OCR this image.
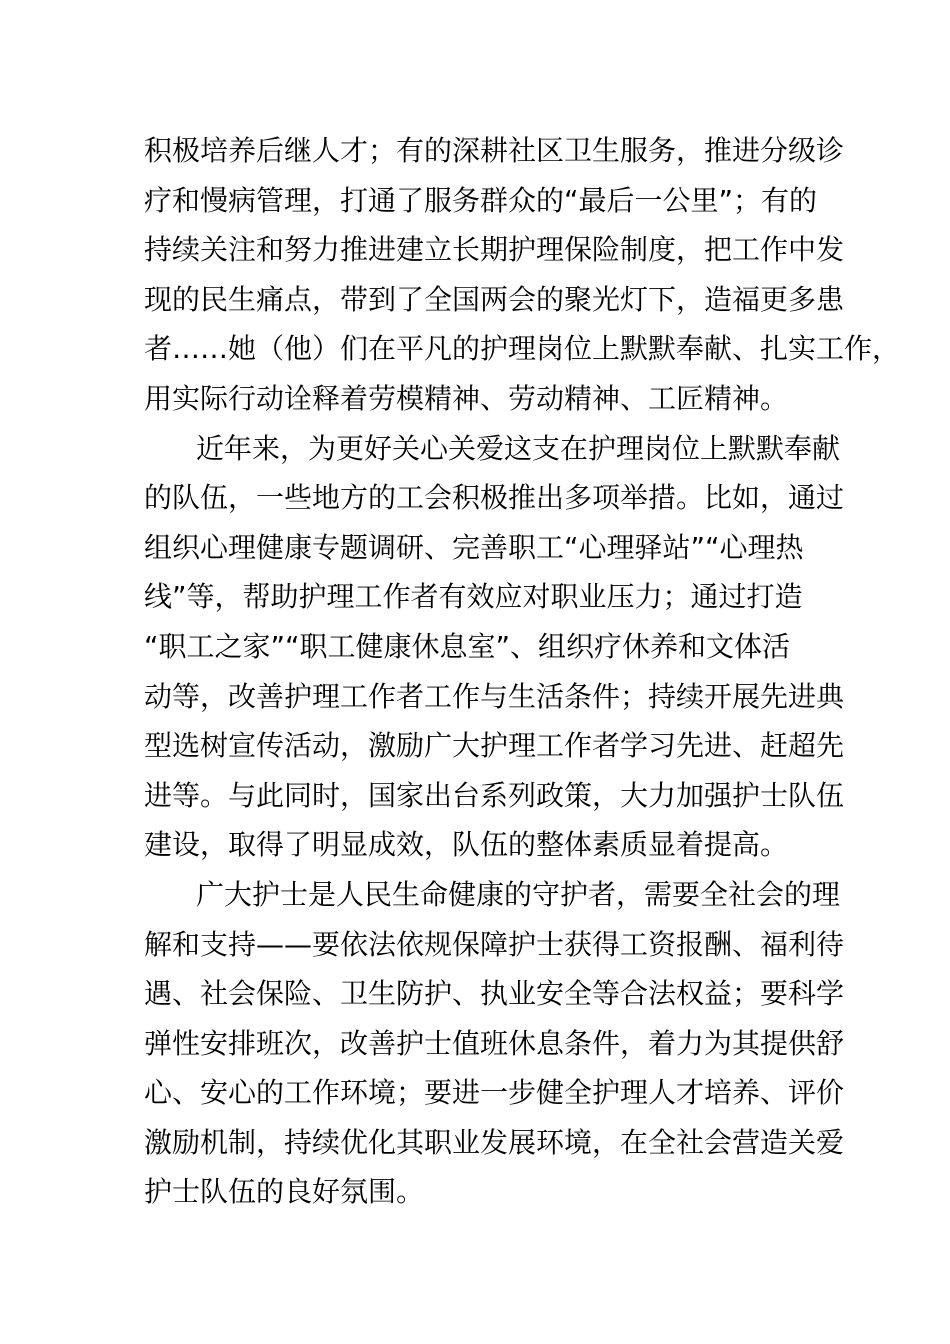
积极培养后继人才；有的深耕社区卫生服务，推进分级诊
疗和慢病管理，打通了服务群众的“最后一公里”；有的
持续关注和努力推进建立长期护理保险制度，把工作中发
现的民生痛点，带到了全国两会的聚光灯下，造福更多患
者……她（他）们在平凡的护理岗位上默默奉献、扎实工作，
用实际行动诠释着劳模精神、劳动精神、工匠精神。
近年来，为更好关心关爱这支在护理岗位上默默奉献
的队伍，一些地方的工会积极推出多项举措。比如，通过
组织心理健康专题调研、完善职工“心理驿站”“心理热
线”等，帮助护理工作者有效应对职业压力；通过打造
“职工之家”“职工健康休息室”、组织疗休养和文体活
动等，改善护理工作者工作与生活条件；持续开展先进典
型选树宣传活动，激励广大护理工作者学习先进、赶超先
进等。与此同时，国家出台系列政策，大力加强护士队伍
建设，取得了明显成效，队伍的整体素质显着提高。
广大护士是人民生命健康的守护者，需要全社会的理
解和支持——要依法依规保障护士获得工资报酬、福利待
遇、社会保险、卫生防护、执业安全等合法权益；要科学
弹性安排班次，改善护士值班休息条件，着力为其提供舒
心、安心的工作环境；要进一步健全护理人才培养、评价
激励机制，持续优化其职业发展环境，在全社会营造关爱
护士队伍的良好氛围。
